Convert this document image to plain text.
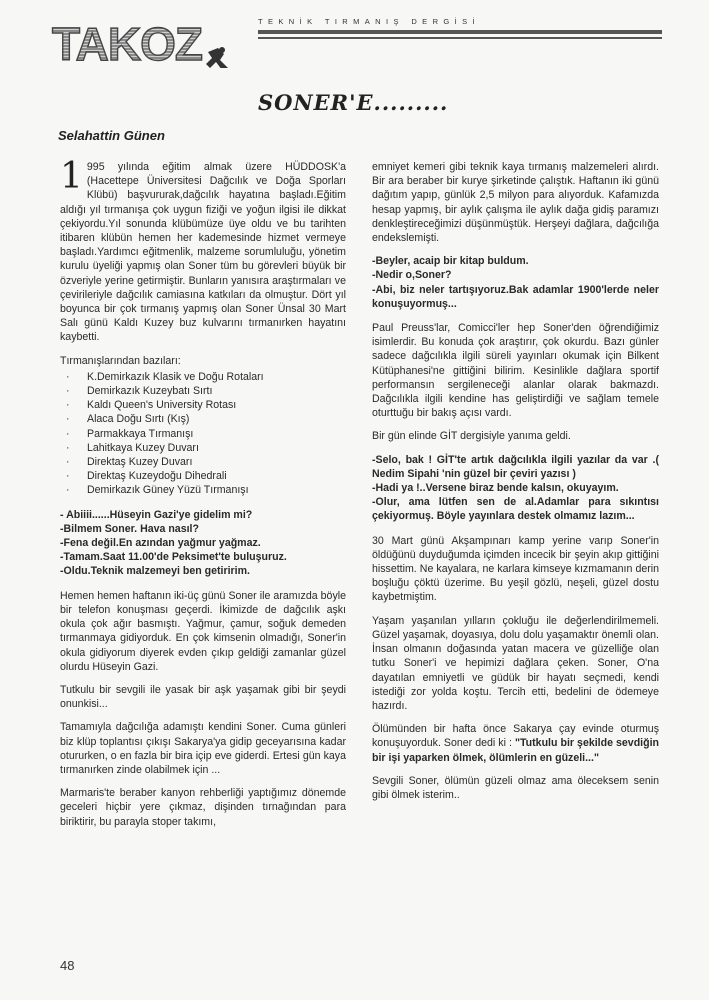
TAKOZ	TEKNİK TIRMANIŞ DERGİSİ
SONER'E.........
Selahattin Günen

1 995 yılında eğitim almak üzere HÜDDOSK'a (Hacettepe Üniversitesi Dağcılık ve Doğa Sporları Klübü) başvururak,dağcılık hayatına başladı.Eğitim aldığı yıl tırmanışa çok uygun fiziği ve yoğun ilgisi ile dikkat çekiyordu.Yıl sonunda klübümüze üye oldu ve bu tarihten itibaren klübün hemen her kademesinde hizmet vermeye başladı.Yardımcı eğitmenlik, malzeme sorumluluğu, yönetim kurulu üyeliği yapmış olan Soner tüm bu görevleri büyük bir özveriyle yerine getirmiştir. Bunların yanısıra araştırmaları ve çevirileriyle dağcılık camiasına katkıları da olmuştur. Dört yıl boyunca bir çok tırmanış yapmış olan Soner Ünsal 30 Mart Salı günü Kaldı Kuzey buz kulvarını tırmanırken hayatını kaybetti.

Tırmanışlarından bazıları:

· K.Demirkazık Klasik ve Doğu Rotaları
· Demirkazık Kuzeybatı Sırtı
· Kaldı Queen's University Rotası
· Alaca Doğu Sırtı (Kış)
· Parmakkaya Tırmanışı
· Lahitkaya Kuzey Duvarı
· Direktaş Kuzey Duvarı
· Direktaş Kuzeydoğu Dihedrali
· Demirkazık Güney Yüzü Tırmanışı
- Abiiii......Hüseyin Gazi'ye gidelim mi?
-Bilmem Soner. Hava nasıl?
-Fena değil.En azından yağmur yağmaz.
-Tamam.Saat 11.00'de Peksimet'te buluşuruz.
-Oldu.Teknik malzemeyi ben getiririm.

Hemen hemen haftanın iki-üç günü Soner ile aramızda böyle bir telefon konuşması geçerdi. İkimizde de dağcılık aşkı okula çok ağır basmıştı. Yağmur, çamur, soğuk demeden tırmanmaya gidiyorduk. En çok kimsenin olmadığı, Soner'in okula gidiyorum diyerek evden çıkıp geldiği zamanlar güzel olurdu Hüseyin Gazi.

Tutkulu bir sevgili ile yasak bir aşk yaşamak gibi bir şeydi onunkisi...

Tamamıyla dağcılığa adamıştı kendini Soner. Cuma günleri biz klüp toplantısı çıkışı Sakarya'ya gidip geceyarısına kadar otururken, o en fazla bir bira içip eve giderdi. Ertesi gün kaya tırmanırken zinde olabilmek için ...

Marmaris'te beraber kanyon rehberliği yaptığımız dönemde geceleri hiçbir yere çıkmaz, dişinden tırnağından para biriktirir, bu parayla stoper takımı,

emniyet kemeri gibi teknik kaya tırmanış malzemeleri alırdı. Bir ara beraber bir kurye şirketinde çalıştık. Haftanın iki günü dağıtım yapıp, günlük 2,5 milyon para alıyorduk. Kafamızda hesap yapmış, bir aylık çalışma ile aylık dağa gidiş paramızı denkleştireceğimizi düşünmüştük. Herşeyi dağlara, dağcılığa endekslemişti.

-Beyler, acaip bir kitap buldum.
-Nedir o,Soner?
-Abi, biz neler tartışıyoruz.Bak adamlar 1900'lerde neler konuşuyormuş...

Paul Preuss'lar, Comicci'ler hep Soner'den öğrendiğimiz isimlerdir. Bu konuda çok araştırır, çok okurdu. Bazı günler sadece dağcılıkla ilgili süreli yayınları okumak için Bilkent Kütüphanesi'ne gittiğini bilirim. Kesinlikle dağlara sportif performansın sergileneceği alanlar olarak bakmazdı. Dağcılıkla ilgili kendine has geliştirdiği ve sağlam temele oturttuğu bir bakış açısı vardı.

Bir gün elinde GİT dergisiyle yanıma geldi.

-Selo, bak ! GİT'te artık dağcılıkla ilgili yazılar da var .( Nedim Sipahi 'nin güzel bir çeviri yazısı )
-Hadi ya !..Versene biraz bende kalsın, okuyayım.
-Olur, ama lütfen sen de al.Adamlar para sıkıntısı çekiyormuş. Böyle yayınlara destek olmamız lazım...

30 Mart günü Akşampınarı kamp yerine varıp Soner'in öldüğünü duyduğumda içimden incecik bir şeyin akıp gittiğini hissettim. Ne kayalara, ne karlara kimseye kızmamanın derin boşluğu çöktü üzerime. Bu yeşil gözlü, neşeli, güzel dostu kaybetmiştim.

Yaşam yaşanılan yılların çokluğu ile değerlendirilmemeli. Güzel yaşamak, doyasıya, dolu dolu yaşamaktır önemli olan. İnsan olmanın doğasında yatan macera ve güzelliğe olan tutku Soner'i ve hepimizi dağlara çeken. Soner, O'na dayatılan emniyetli ve güdük bir hayatı seçmedi, kendi istediği zor yolda koştu. Tercih etti, bedelini de ödemeye hazırdı.

Ölümünden bir hafta önce Sakarya çay evinde oturmuş konuşuyorduk. Soner dedi ki : "Tutkulu bir şekilde sevdiğin bir işi yaparken ölmek, ölümlerin en güzeli..."

Sevgili Soner, ölümün güzeli olmaz ama öleceksem senin gibi ölmek isterim..

48
